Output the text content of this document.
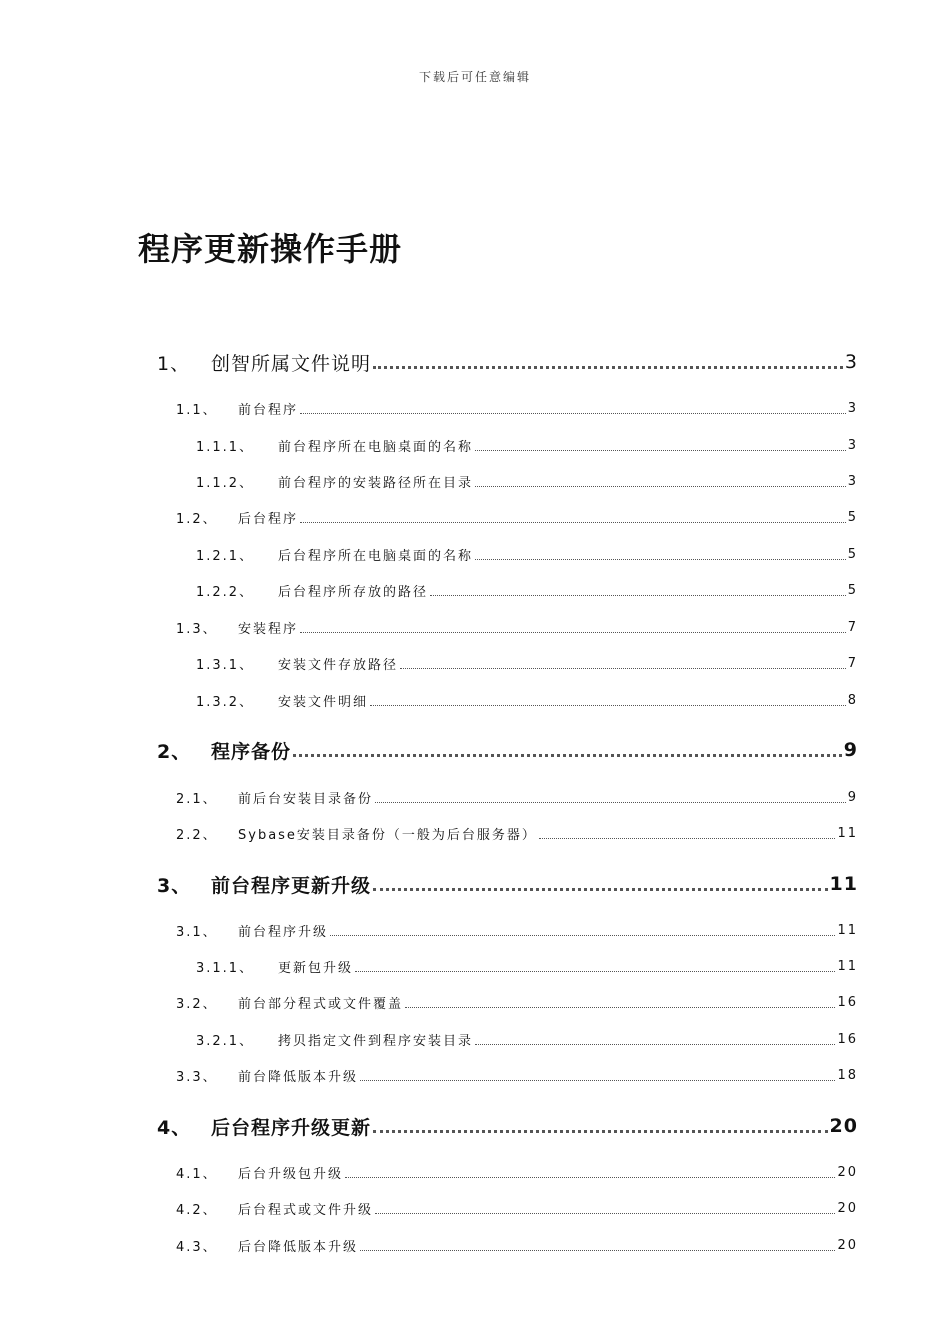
下载后可任意编辑
程序更新操作手册
1、	创智所属文件说明	3
1.1、	前台程序	3
1.1.1、	前台程序所在电脑桌面的名称	3
1.1.2、	前台程序的安装路径所在目录	3
1.2、	后台程序	5
1.2.1、	后台程序所在电脑桌面的名称	5
1.2.2、	后台程序所存放的路径	5
1.3、	安装程序	7
1.3.1、	安装文件存放路径	7
1.3.2、	安装文件明细	8
2、	程序备份	9
2.1、	前后台安装目录备份	9
2.2、	Sybase安装目录备份（一般为后台服务器）	11
3、	前台程序更新升级	11
3.1、	前台程序升级	11
3.1.1、	更新包升级	11
3.2、	前台部分程式或文件覆盖	16
3.2.1、	拷贝指定文件到程序安装目录	16
3.3、	前台降低版本升级	18
4、	后台程序升级更新	20
4.1、	后台升级包升级	20
4.2、	后台程式或文件升级	20
4.3、	后台降低版本升级	20
